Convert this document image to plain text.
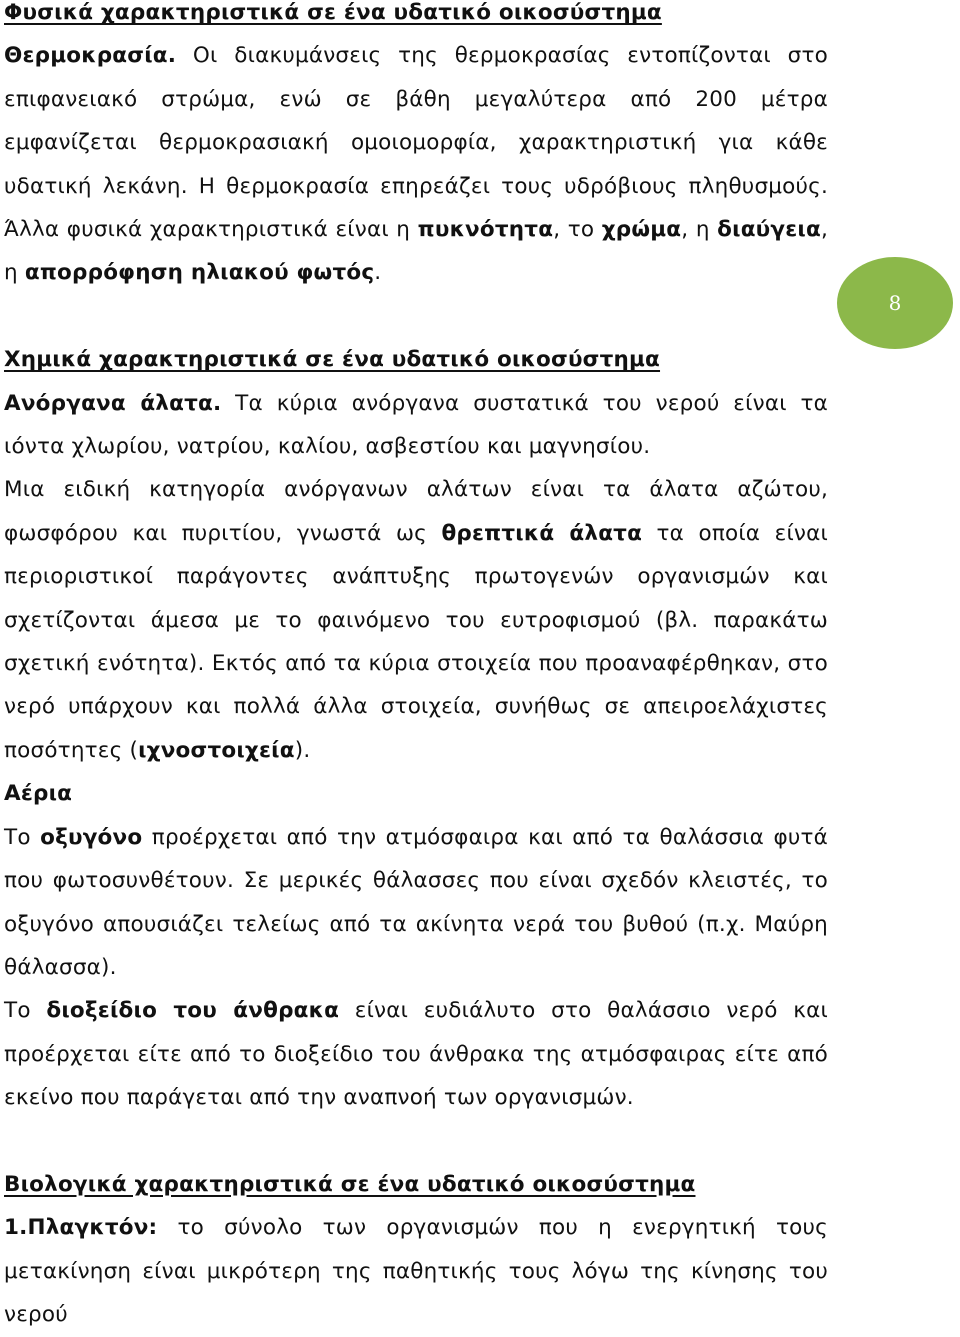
Φυσικά χαρακτηριστικά σε ένα υδατικό οικοσύστημα

Θερμοκρασία. Οι διακυμάνσεις της θερμοκρασίας εντοπίζονται στο επιφανειακό στρώμα, ενώ σε βάθη μεγαλύτερα από 200 μέτρα εμφανίζεται θερμοκρασιακή ομοιομορφία, χαρακτηριστική για κάθε υδατική λεκάνη. Η θερμοκρασία επηρεάζει τους υδρόβιους πληθυσμούς. Άλλα φυσικά χαρακτηριστικά είναι η πυκνότητα, το χρώμα, η διαύγεια, η απορρόφηση ηλιακού φωτός.

Χημικά χαρακτηριστικά σε ένα υδατικό οικοσύστημα

Ανόργανα άλατα. Τα κύρια ανόργανα συστατικά του νερού είναι τα ιόντα χλωρίου, νατρίου, καλίου, ασβεστίου και μαγνησίου.

Μια ειδική κατηγορία ανόργανων αλάτων είναι τα άλατα αζώτου, φωσφόρου και πυριτίου, γνωστά ως θρεπτικά άλατα τα οποία είναι περιοριστικοί παράγοντες ανάπτυξης πρωτογενών οργανισμών και σχετίζονται άμεσα με το φαινόμενο του ευτροφισμού (βλ. παρακάτω σχετική ενότητα). Εκτός από τα κύρια στοιχεία που προαναφέρθηκαν, στο νερό υπάρχουν και πολλά άλλα στοιχεία, συνήθως σε απειροελάχιστες ποσότητες (ιχνοστοιχεία).

Αέρια

Το οξυγόνο προέρχεται από την ατμόσφαιρα και από τα θαλάσσια φυτά που φωτοσυνθέτουν. Σε μερικές θάλασσες που είναι σχεδόν κλειστές, το οξυγόνο απουσιάζει τελείως από τα ακίνητα νερά του βυθού (π.χ. Μαύρη θάλασσα).

Το διοξείδιο του άνθρακα είναι ευδιάλυτο στο θαλάσσιο νερό και προέρχεται είτε από το διοξείδιο του άνθρακα της ατμόσφαιρας είτε από εκείνο που παράγεται από την αναπνοή των οργανισμών.

Βιολογικά χαρακτηριστικά σε ένα υδατικό οικοσύστημα

1.Πλαγκτόν: το σύνολο των οργανισμών που η ενεργητική τους μετακίνηση είναι μικρότερη της παθητικής τους λόγω της κίνησης του νερού

8
